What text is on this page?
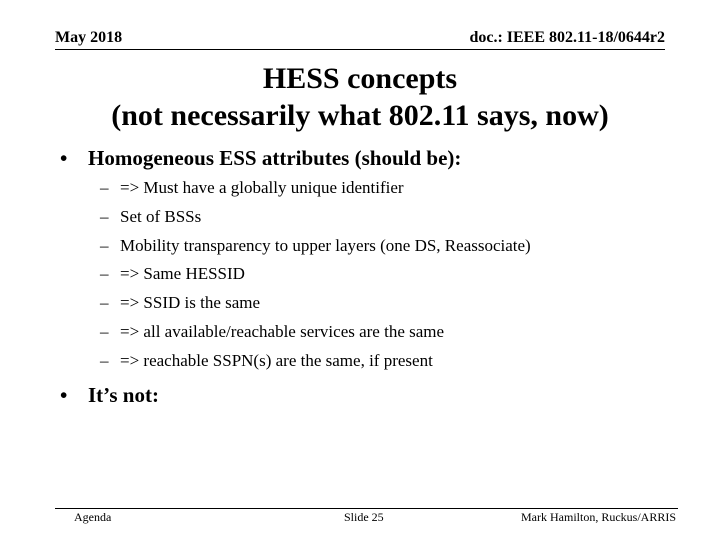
May 2018	doc.: IEEE 802.11-18/0644r2
HESS concepts
(not necessarily what 802.11 says, now)
• Homogeneous ESS attributes (should be):
– => Must have a globally unique identifier
– Set of BSSs
– Mobility transparency to upper layers (one DS, Reassociate)
– => Same HESSID
– => SSID is the same
– => all available/reachable services are the same
– => reachable SSPN(s) are the same, if present
• It’s not:
Agenda	Slide 25	Mark Hamilton, Ruckus/ARRIS
